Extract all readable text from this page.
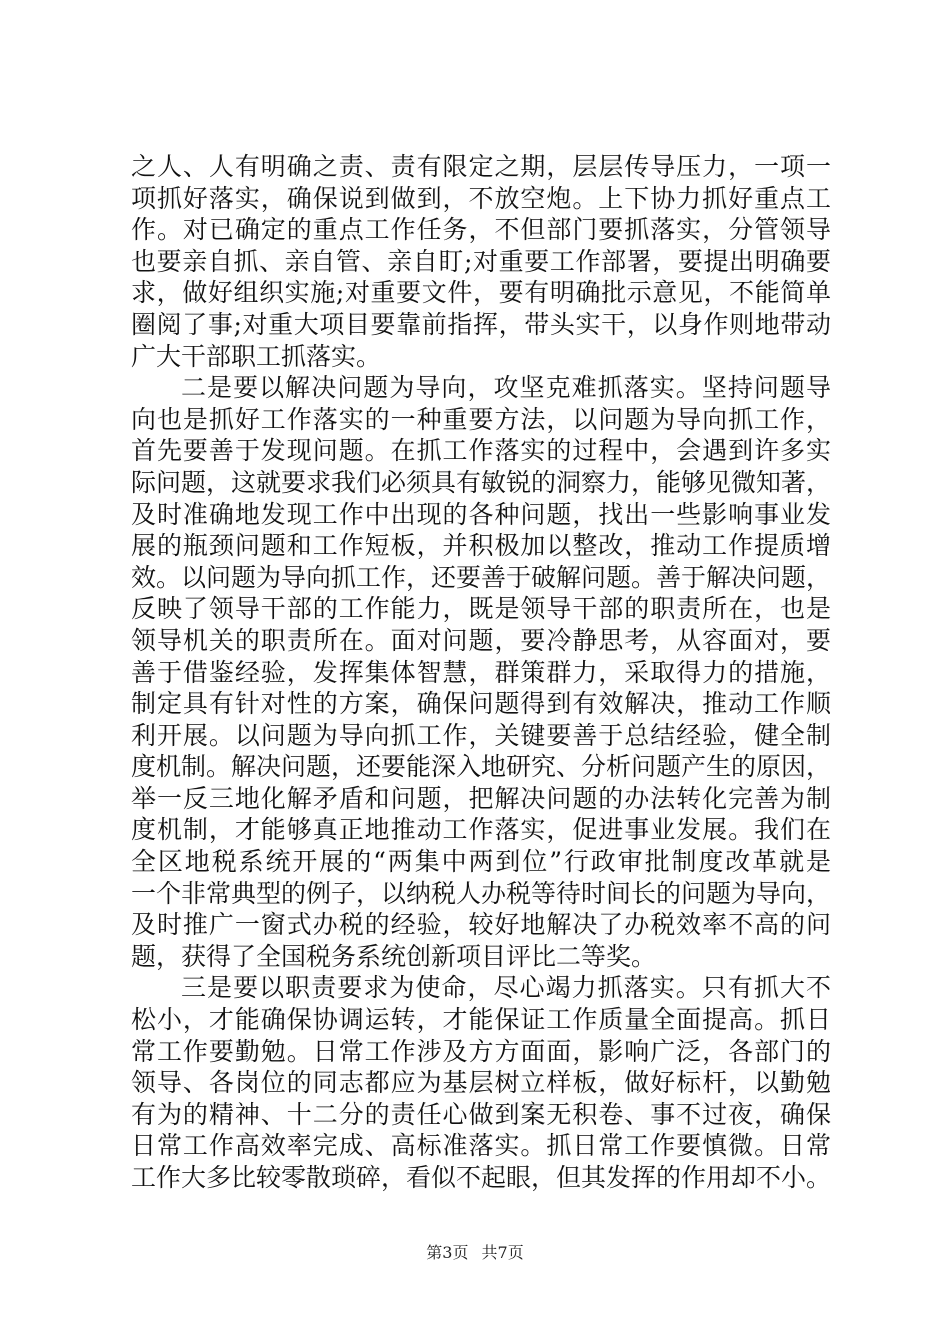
之人、人有明确之责、责有限定之期，层层传导压力，一项一
项抓好落实，确保说到做到，不放空炮。上下协力抓好重点工
作。对已确定的重点工作任务，不但部门要抓落实，分管领导
也要亲自抓、亲自管、亲自盯;对重要工作部署，要提出明确要
求，做好组织实施;对重要文件，要有明确批示意见，不能简单
圈阅了事;对重大项目要靠前指挥，带头实干，以身作则地带动
广大干部职工抓落实。
二是要以解决问题为导向，攻坚克难抓落实。坚持问题导
向也是抓好工作落实的一种重要方法，以问题为导向抓工作，
首先要善于发现问题。在抓工作落实的过程中，会遇到许多实
际问题，这就要求我们必须具有敏锐的洞察力，能够见微知著，
及时准确地发现工作中出现的各种问题，找出一些影响事业发
展的瓶颈问题和工作短板，并积极加以整改，推动工作提质增
效。以问题为导向抓工作，还要善于破解问题。善于解决问题，
反映了领导干部的工作能力，既是领导干部的职责所在，也是
领导机关的职责所在。面对问题，要冷静思考，从容面对，要
善于借鉴经验，发挥集体智慧，群策群力，采取得力的措施，
制定具有针对性的方案，确保问题得到有效解决，推动工作顺
利开展。以问题为导向抓工作，关键要善于总结经验，健全制
度机制。解决问题，还要能深入地研究、分析问题产生的原因，
举一反三地化解矛盾和问题，把解决问题的办法转化完善为制
度机制，才能够真正地推动工作落实，促进事业发展。我们在
全区地税系统开展的“两集中两到位”行政审批制度改革就是
一个非常典型的例子，以纳税人办税等待时间长的问题为导向，
及时推广一窗式办税的经验，较好地解决了办税效率不高的问
题，获得了全国税务系统创新项目评比二等奖。
三是要以职责要求为使命，尽心竭力抓落实。只有抓大不
松小，才能确保协调运转，才能保证工作质量全面提高。抓日
常工作要勤勉。日常工作涉及方方面面，影响广泛，各部门的
领导、各岗位的同志都应为基层树立样板，做好标杆，以勤勉
有为的精神、十二分的责任心做到案无积卷、事不过夜，确保
日常工作高效率完成、高标准落实。抓日常工作要慎微。日常
工作大多比较零散琐碎，看似不起眼，但其发挥的作用却不小。
第3页 共7页
